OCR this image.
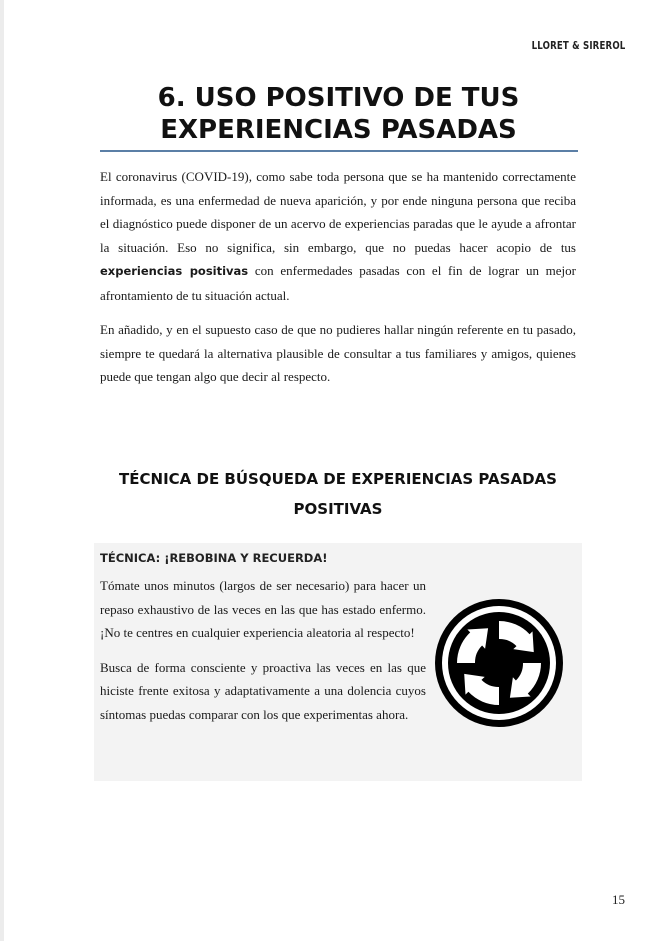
LLORET & SIREROL
6. USO POSITIVO DE TUS
EXPERIENCIAS PASADAS

El coronavirus (COVID-19), como sabe toda persona que se ha mantenido correctamente informada, es una enfermedad de nueva aparición, y por ende ninguna persona que reciba el diagnóstico puede disponer de un acervo de experiencias paradas que le ayude a afrontar la situación. Eso no significa, sin embargo, que no puedas hacer acopio de tus experiencias positivas con enfermedades pasadas con el fin de lograr un mejor afrontamiento de tu situación actual.

En añadido, y en el supuesto caso de que no pudieres hallar ningún referente en tu pasado, siempre te quedará la alternativa plausible de consultar a tus familiares y amigos, quienes puede que tengan algo que decir al respecto.

TÉCNICA DE BÚSQUEDA DE EXPERIENCIAS PASADAS
POSITIVAS
TÉCNICA: ¡REBOBINA Y RECUERDA!

Tómate unos minutos (largos de ser necesario) para hacer un repaso exhaustivo de las veces en las que has estado enfermo. ¡No te centres en cualquier experiencia aleatoria al respecto!

Busca de forma consciente y proactiva las veces en las que hiciste frente exitosa y adaptativamente a una dolencia cuyos síntomas puedas comparar con los que experimentas ahora.

15
